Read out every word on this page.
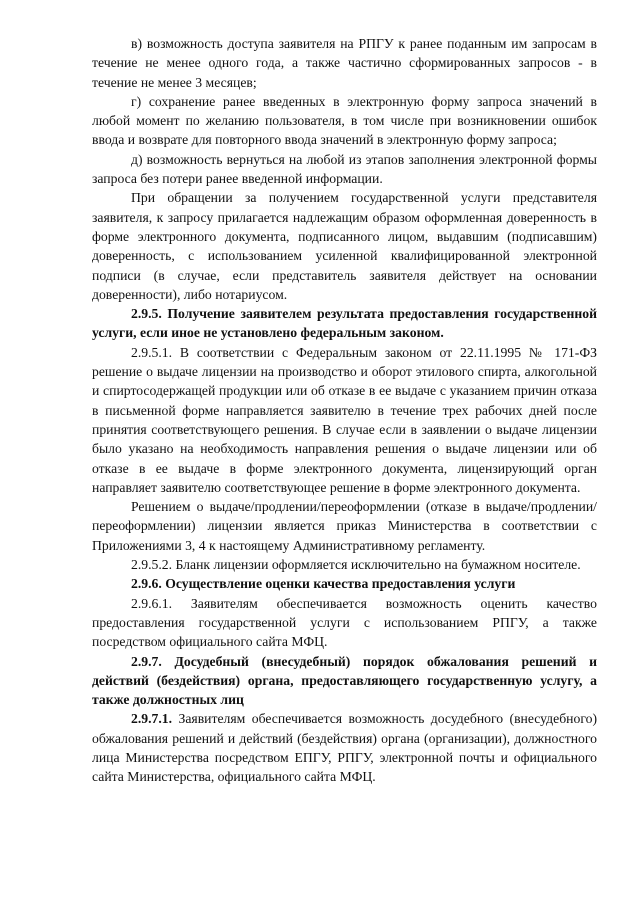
в) возможность доступа заявителя на РПГУ к ранее поданным им запросам в течение не менее одного года, а также частично сформированных запросов - в течение не менее 3 месяцев;

г) сохранение ранее введенных в электронную форму запроса значений в любой момент по желанию пользователя, в том числе при возникновении ошибок ввода и возврате для повторного ввода значений в электронную форму запроса;

д) возможность вернуться на любой из этапов заполнения электронной формы запроса без потери ранее введенной информации.

При обращении за получением государственной услуги представителя заявителя, к запросу прилагается надлежащим образом оформленная доверенность в форме электронного документа, подписанного лицом, выдавшим (подписавшим) доверенность, с использованием усиленной квалифицированной электронной подписи (в случае, если представитель заявителя действует на основании доверенности), либо нотариусом.

2.9.5. Получение заявителем результата предоставления государственной услуги, если иное не установлено федеральным законом.

2.9.5.1. В соответствии с Федеральным законом от 22.11.1995 № 171-ФЗ решение о выдаче лицензии на производство и оборот этилового спирта, алкогольной и спиртосодержащей продукции или об отказе в ее выдаче с указанием причин отказа в письменной форме направляется заявителю в течение трех рабочих дней после принятия соответствующего решения. В случае если в заявлении о выдаче лицензии было указано на необходимость направления решения о выдаче лицензии или об отказе в ее выдаче в форме электронного документа, лицензирующий орган направляет заявителю соответствующее решение в форме электронного документа.

Решением о выдаче/продлении/переоформлении (отказе в выдаче/продлении/переоформлении) лицензии является приказ Министерства в соответствии с Приложениями 3, 4 к настоящему Административному регламенту.

2.9.5.2. Бланк лицензии оформляется исключительно на бумажном носителе.

2.9.6. Осуществление оценки качества предоставления услуги

2.9.6.1. Заявителям обеспечивается возможность оценить качество предоставления государственной услуги с использованием РПГУ, а также посредством официального сайта МФЦ.

2.9.7. Досудебный (внесудебный) порядок обжалования решений и действий (бездействия) органа, предоставляющего государственную услугу, а также должностных лиц

2.9.7.1. Заявителям обеспечивается возможность досудебного (внесудебного) обжалования решений и действий (бездействия) органа (организации), должностного лица Министерства посредством ЕПГУ, РПГУ, электронной почты и официального сайта Министерства, официального сайта МФЦ.
